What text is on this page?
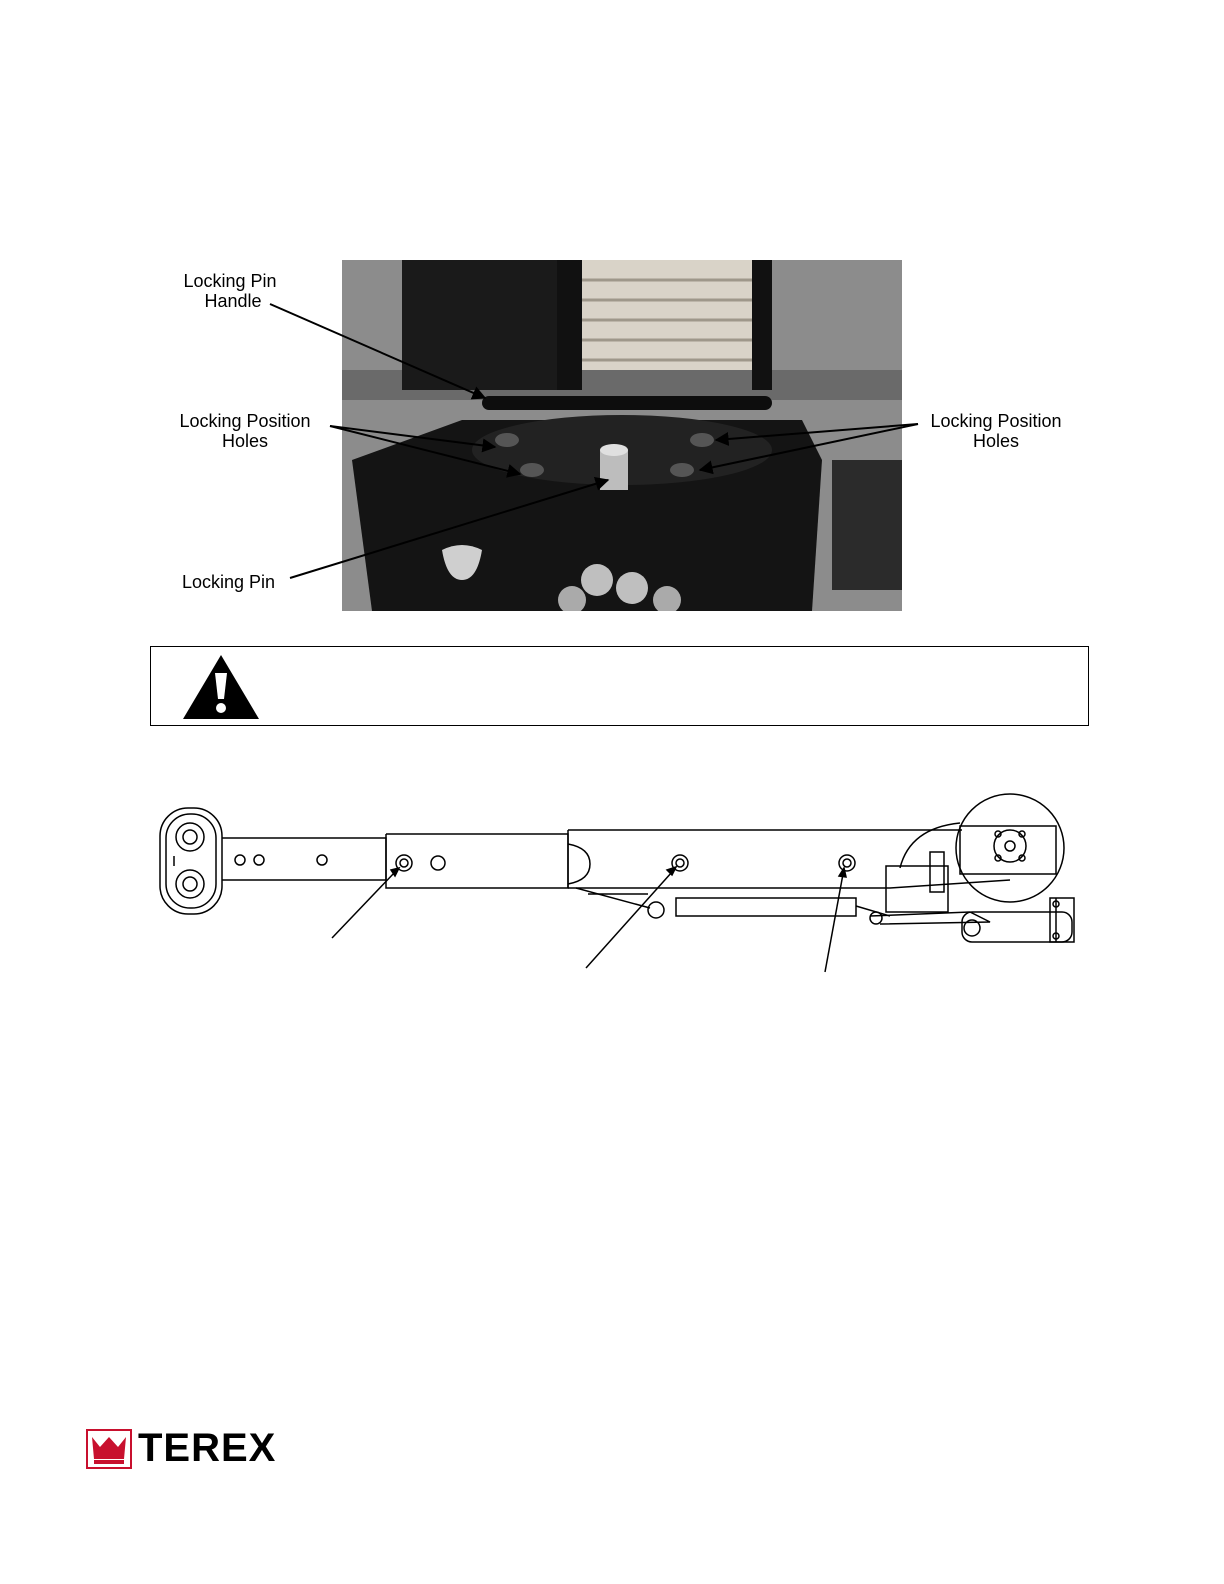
Locking Pin
Handle
Locking Position
Holes
Locking Position
Holes
Locking Pin
TEREX
